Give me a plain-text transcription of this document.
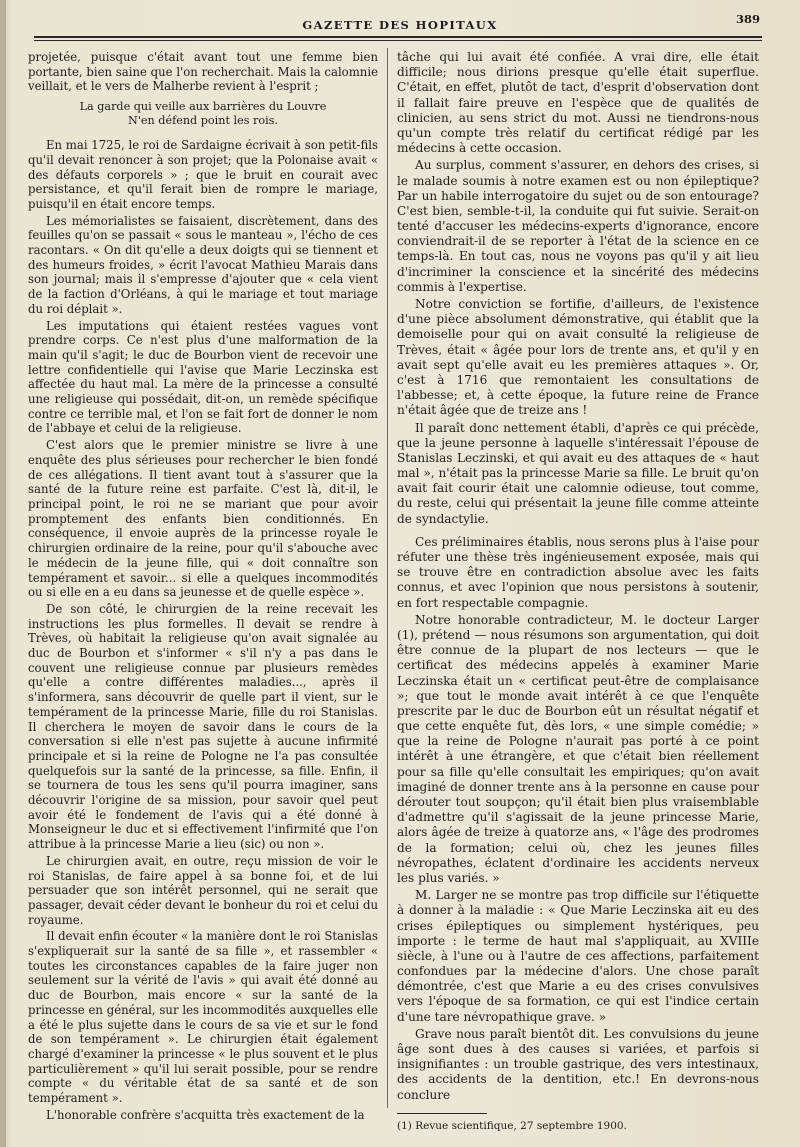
GAZETTE DES HOPITAUX	389

projetée, puisque c'était avant tout une femme bien portante, bien saine que l'on recherchait. Mais la calomnie veillait, et le vers de Malherbe revient à l'esprit ;

La garde qui veille aux barrières du Louvre

N'en défend point les rois.

En mai 1725, le roi de Sardaigne écrivait à son petit-fils qu'il devait renoncer à son projet; que la Polonaise avait « des défauts corporels » ; que le bruit en courait avec persistance, et qu'il ferait bien de rompre le mariage, puisqu'il en était encore temps.

Les mémorialistes se faisaient, discrètement, dans des feuilles qu'on se passait « sous le manteau », l'écho de ces racontars. « On dit qu'elle a deux doigts qui se tiennent et des humeurs froides, » écrit l'avocat Mathieu Marais dans son journal; mais il s'empresse d'ajouter que « cela vient de la faction d'Orléans, à qui le mariage et tout mariage du roi déplait ».

Les imputations qui étaient restées vagues vont prendre corps. Ce n'est plus d'une malformation de la main qu'il s'agit; le duc de Bourbon vient de recevoir une lettre confidentielle qui l'avise que Marie Leczinska est affectée du haut mal. La mère de la princesse a consulté une religieuse qui possédait, dit-on, un remède spécifique contre ce terrible mal, et l'on se fait fort de donner le nom de l'abbaye et celui de la religieuse.

C'est alors que le premier ministre se livre à une enquête des plus sérieuses pour rechercher le bien fondé de ces allégations. Il tient avant tout à s'assurer que la santé de la future reine est parfaite. C'est là, dit-il, le principal point, le roi ne se mariant que pour avoir promptement des enfants bien conditionnés. En conséquence, il envoie auprès de la princesse royale le chirurgien ordinaire de la reine, pour qu'il s'abouche avec le médecin de la jeune fille, qui « doit connaître son tempérament et savoir... si elle a quelques incommodités ou si elle en a eu dans sa jeunesse et de quelle espèce ».

De son côté, le chirurgien de la reine recevait les instructions les plus formelles. Il devait se rendre à Trèves, où habitait la religieuse qu'on avait signalée au duc de Bourbon et s'informer « s'il n'y a pas dans le couvent une religieuse connue par plusieurs remèdes qu'elle a contre différentes maladies..., après il s'informera, sans découvrir de quelle part il vient, sur le tempérament de la princesse Marie, fille du roi Stanislas. Il cherchera le moyen de savoir dans le cours de la conversation si elle n'est pas sujette à aucune infirmité principale et si la reine de Pologne ne l'a pas consultée quelquefois sur la santé de la princesse, sa fille. Enfin, il se tournera de tous les sens qu'il pourra imaginer, sans découvrir l'origine de sa mission, pour savoir quel peut avoir été le fondement de l'avis qui a été donné à Monseigneur le duc et si effectivement l'infirmité que l'on attribue à la princesse Marie a lieu (sic) ou non ».

Le chirurgien avait, en outre, reçu mission de voir le roi Stanislas, de faire appel à sa bonne foi, et de lui persuader que son intérêt personnel, qui ne serait que passager, devait céder devant le bonheur du roi et celui du royaume.

Il devait enfin écouter « la manière dont le roi Stanislas s'expliquerait sur la santé de sa fille », et rassembler « toutes les circonstances capables de la faire juger non seulement sur la vérité de l'avis » qui avait été donné au duc de Bourbon, mais encore « sur la santé de la princesse en général, sur les incommodités auxquelles elle a été le plus sujette dans le cours de sa vie et sur le fond de son tempérament ». Le chirurgien était également chargé d'examiner la princesse « le plus souvent et le plus particulièrement » qu'il lui serait possible, pour se rendre compte « du véritable état de sa santé et de son tempérament ».

L'honorable confrère s'acquitta très exactement de la

tâche qui lui avait été confiée. A vrai dire, elle était difficile; nous dirions presque qu'elle était superflue. C'était, en effet, plutôt de tact, d'esprit d'observation dont il fallait faire preuve en l'espèce que de qualités de clinicien, au sens strict du mot. Aussi ne tiendrons-nous qu'un compte très relatif du certificat rédigé par les médecins à cette occasion.

Au surplus, comment s'assurer, en dehors des crises, si le malade soumis à notre examen est ou non épileptique? Par un habile interrogatoire du sujet ou de son entourage? C'est bien, semble-t-il, la conduite qui fut suivie. Serait-on tenté d'accuser les médecins-experts d'ignorance, encore conviendrait-il de se reporter à l'état de la science en ce temps-là. En tout cas, nous ne voyons pas qu'il y ait lieu d'incriminer la conscience et la sincérité des médecins commis à l'expertise.

Notre conviction se fortifie, d'ailleurs, de l'existence d'une pièce absolument démonstrative, qui établit que la demoiselle pour qui on avait consulté la religieuse de Trèves, était « âgée pour lors de trente ans, et qu'il y en avait sept qu'elle avait eu les premières attaques ». Or, c'est à 1716 que remontaient les consultations de l'abbesse; et, à cette époque, la future reine de France n'était âgée que de treize ans !

Il paraît donc nettement établi, d'après ce qui précède, que la jeune personne à laquelle s'intéressait l'épouse de Stanislas Leczinski, et qui avait eu des attaques de « haut mal », n'était pas la princesse Marie sa fille. Le bruit qu'on avait fait courir était une calomnie odieuse, tout comme, du reste, celui qui présentait la jeune fille comme atteinte de syndactylie.

Ces préliminaires établis, nous serons plus à l'aise pour réfuter une thèse très ingénieusement exposée, mais qui se trouve être en contradiction absolue avec les faits connus, et avec l'opinion que nous persistons à soutenir, en fort respectable compagnie.

Notre honorable contradicteur, M. le docteur Larger (1), prétend — nous résumons son argumentation, qui doit être connue de la plupart de nos lecteurs — que le certificat des médecins appelés à examiner Marie Leczinska était un « certificat peut-être de complaisance »; que tout le monde avait intérêt à ce que l'enquête prescrite par le duc de Bourbon eût un résultat négatif et que cette enquête fut, dès lors, « une simple comédie; » que la reine de Pologne n'aurait pas porté à ce point intérêt à une étrangère, et que c'était bien réellement pour sa fille qu'elle consultait les empiriques; qu'on avait imaginé de donner trente ans à la personne en cause pour dérouter tout soupçon; qu'il était bien plus vraisemblable d'admettre qu'il s'agissait de la jeune princesse Marie, alors âgée de treize à quatorze ans, « l'âge des prodromes de la formation; celui où, chez les jeunes filles névropathes, éclatent d'ordinaire les accidents nerveux les plus variés. »

M. Larger ne se montre pas trop difficile sur l'étiquette à donner à la maladie : « Que Marie Leczinska ait eu des crises épileptiques ou simplement hystériques, peu importe : le terme de haut mal s'appliquait, au XVIIIe siècle, à l'une ou à l'autre de ces affections, parfaitement confondues par la médecine d'alors. Une chose paraît démontrée, c'est que Marie a eu des crises convulsives vers l'époque de sa formation, ce qui est l'indice certain d'une tare névropathique grave. »

Grave nous paraît bientôt dit. Les convulsions du jeune âge sont dues à des causes si variées, et parfois si insignifiantes : un trouble gastrique, des vers intestinaux, des accidents de la dentition, etc.! En devrons-nous conclure

(1) Revue scientifique, 27 septembre 1900.
